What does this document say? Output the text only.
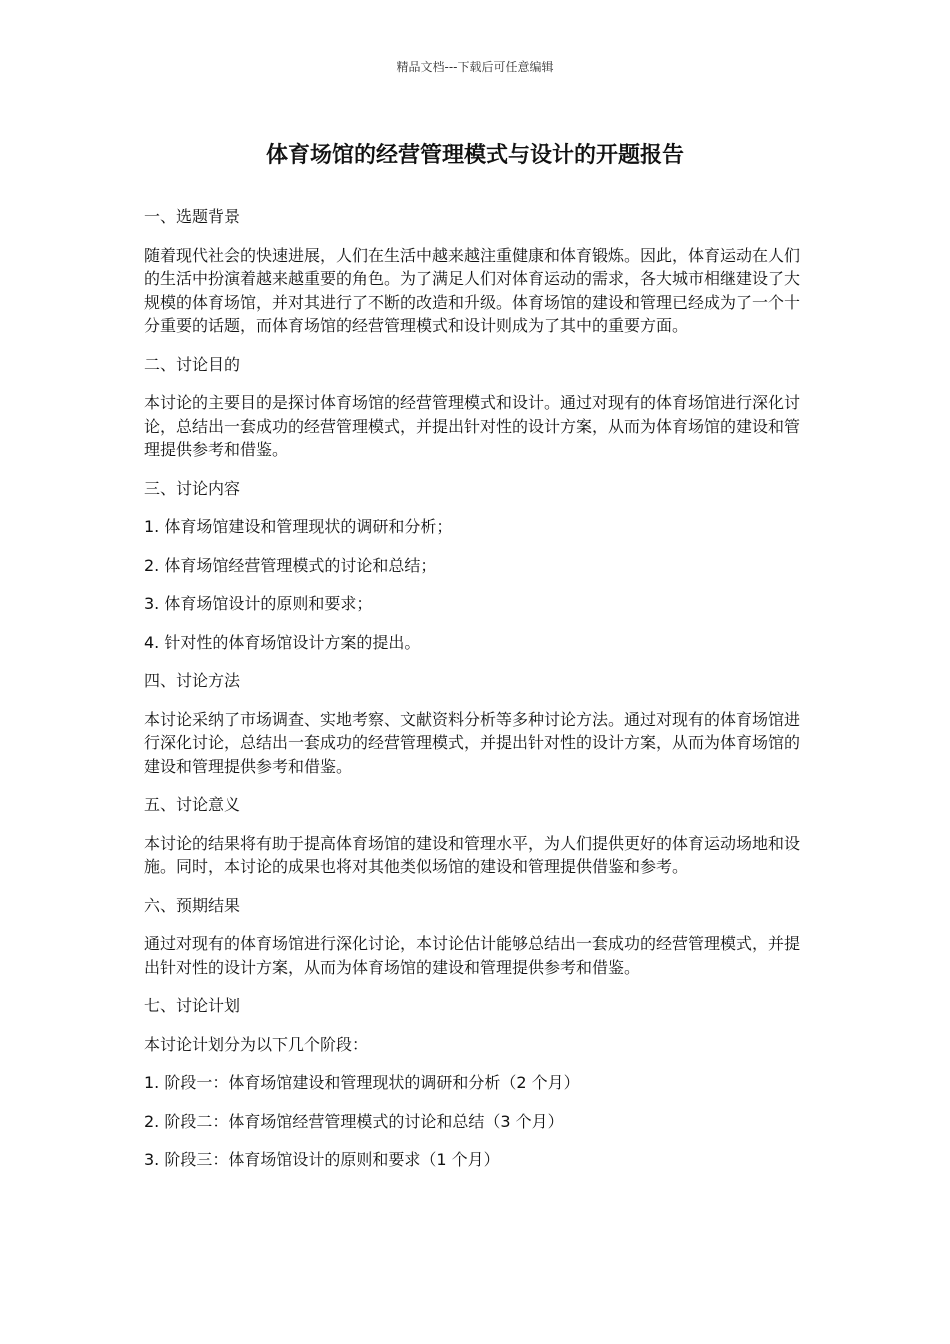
精品文档---下载后可任意编辑
体育场馆的经营管理模式与设计的开题报告

一、选题背景

随着现代社会的快速进展，人们在生活中越来越注重健康和体育锻炼。因此，体育运动在人们的生活中扮演着越来越重要的角色。为了满足人们对体育运动的需求，各大城市相继建设了大规模的体育场馆，并对其进行了不断的改造和升级。体育场馆的建设和管理已经成为了一个十分重要的话题，而体育场馆的经营管理模式和设计则成为了其中的重要方面。

二、讨论目的

本讨论的主要目的是探讨体育场馆的经营管理模式和设计。通过对现有的体育场馆进行深化讨论，总结出一套成功的经营管理模式，并提出针对性的设计方案，从而为体育场馆的建设和管理提供参考和借鉴。

三、讨论内容

1. 体育场馆建设和管理现状的调研和分析；

2. 体育场馆经营管理模式的讨论和总结；

3. 体育场馆设计的原则和要求；

4. 针对性的体育场馆设计方案的提出。

四、讨论方法

本讨论采纳了市场调查、实地考察、文献资料分析等多种讨论方法。通过对现有的体育场馆进行深化讨论，总结出一套成功的经营管理模式，并提出针对性的设计方案，从而为体育场馆的建设和管理提供参考和借鉴。

五、讨论意义

本讨论的结果将有助于提高体育场馆的建设和管理水平，为人们提供更好的体育运动场地和设施。同时，本讨论的成果也将对其他类似场馆的建设和管理提供借鉴和参考。

六、预期结果

通过对现有的体育场馆进行深化讨论，本讨论估计能够总结出一套成功的经营管理模式，并提出针对性的设计方案，从而为体育场馆的建设和管理提供参考和借鉴。

七、讨论计划

本讨论计划分为以下几个阶段：

1. 阶段一：体育场馆建设和管理现状的调研和分析（2 个月）

2. 阶段二：体育场馆经营管理模式的讨论和总结（3 个月）

3. 阶段三：体育场馆设计的原则和要求（1 个月）
